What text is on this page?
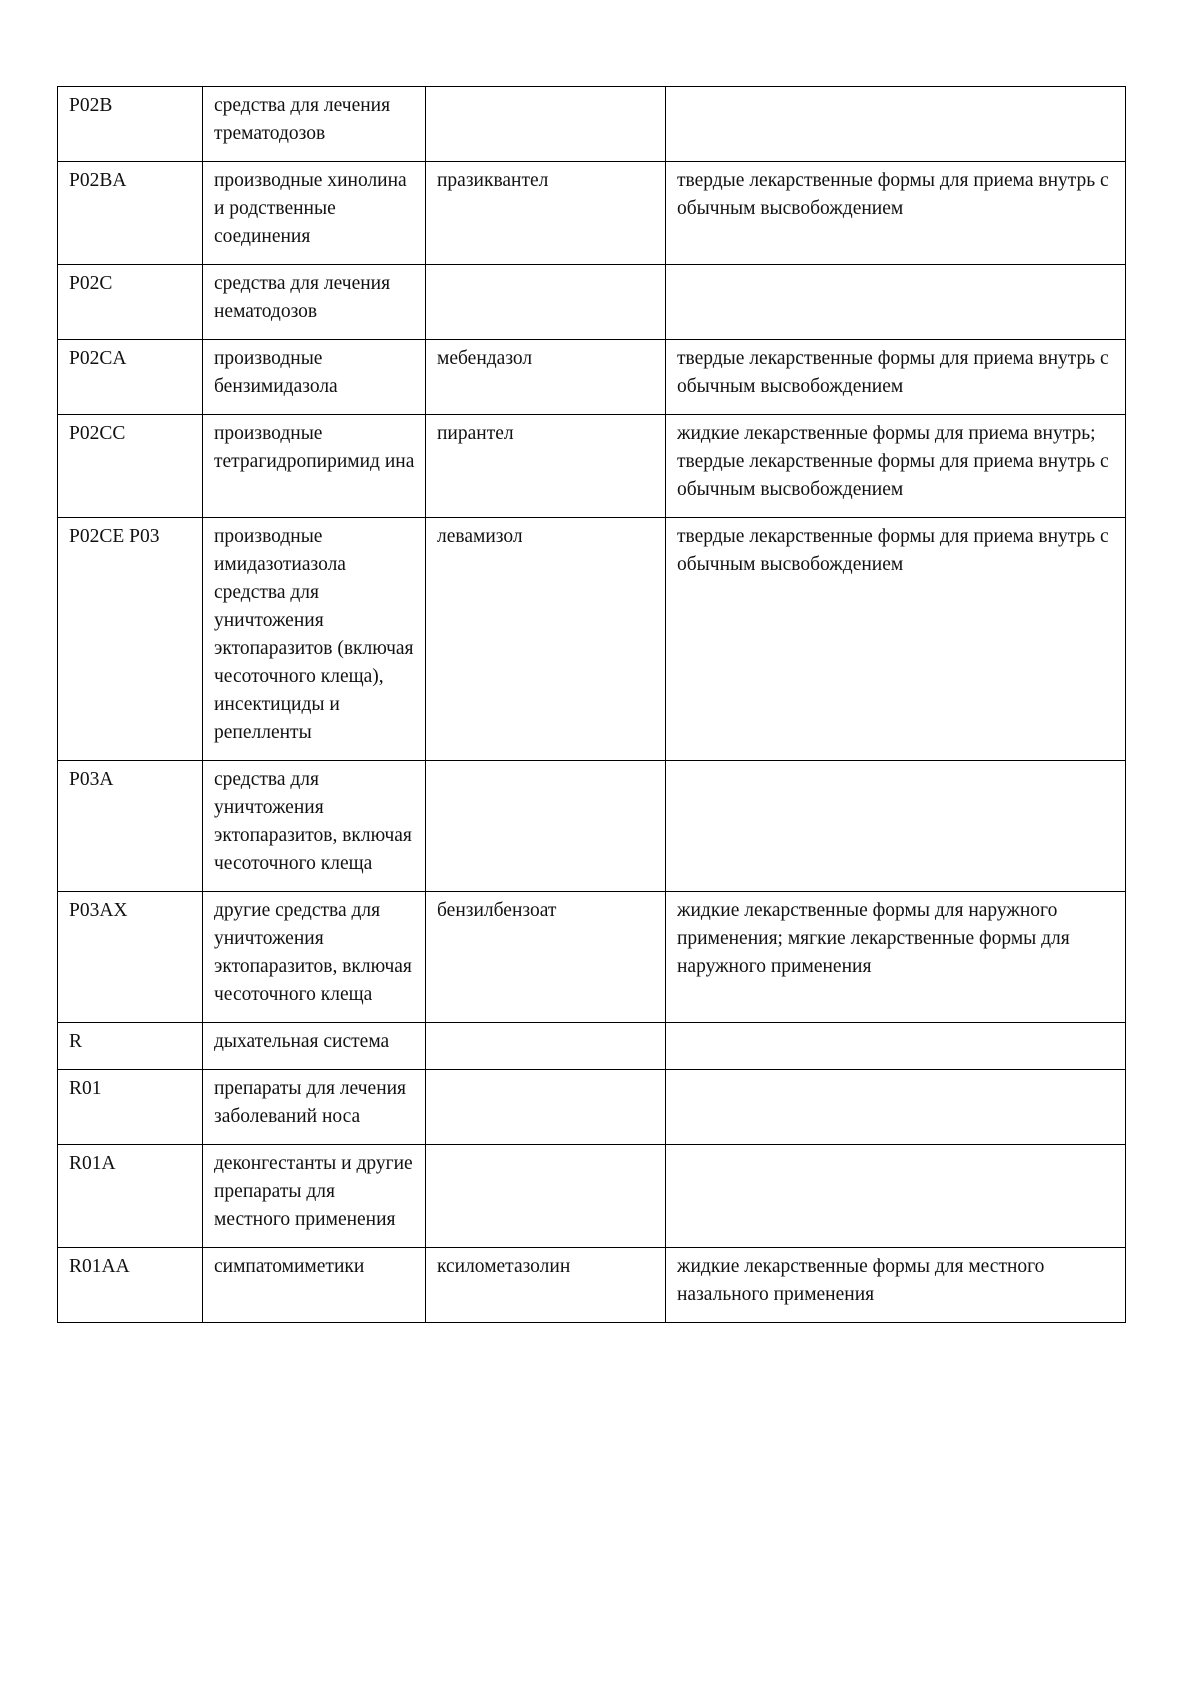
P02B	средства для лечения трематодозов		
P02BA	производные хинолина и родственные соединения	празиквантел	твердые лекарственные формы для приема внутрь с обычным высвобождением
P02C	средства для лечения нематодозов		
P02CA	производные бензимидазола	мебендазол	твердые лекарственные формы для приема внутрь с обычным высвобождением
P02CC	производные тетрагидропиримид ина	пирантел	жидкие лекарственные формы для приема внутрь; твердые лекарственные формы для приема внутрь с обычным высвобождением
P02CE P03	производные имидазотиазола средства для уничтожения эктопаразитов (включая чесоточного клеща), инсектициды и репелленты	левамизол	твердые лекарственные формы для приема внутрь с обычным высвобождением
P03A	средства для уничтожения эктопаразитов, включая чесоточного клеща		
P03AX	другие средства для уничтожения эктопаразитов, включая чесоточного клеща	бензилбензоат	жидкие лекарственные формы для наружного применения; мягкие лекарственные формы для наружного применения
R	дыхательная система		
R01	препараты для лечения заболеваний носа		
R01A	деконгестанты и другие препараты для местного применения		
R01AA	симпатомиметики	ксилометазолин	жидкие лекарственные формы для местного назального применения
